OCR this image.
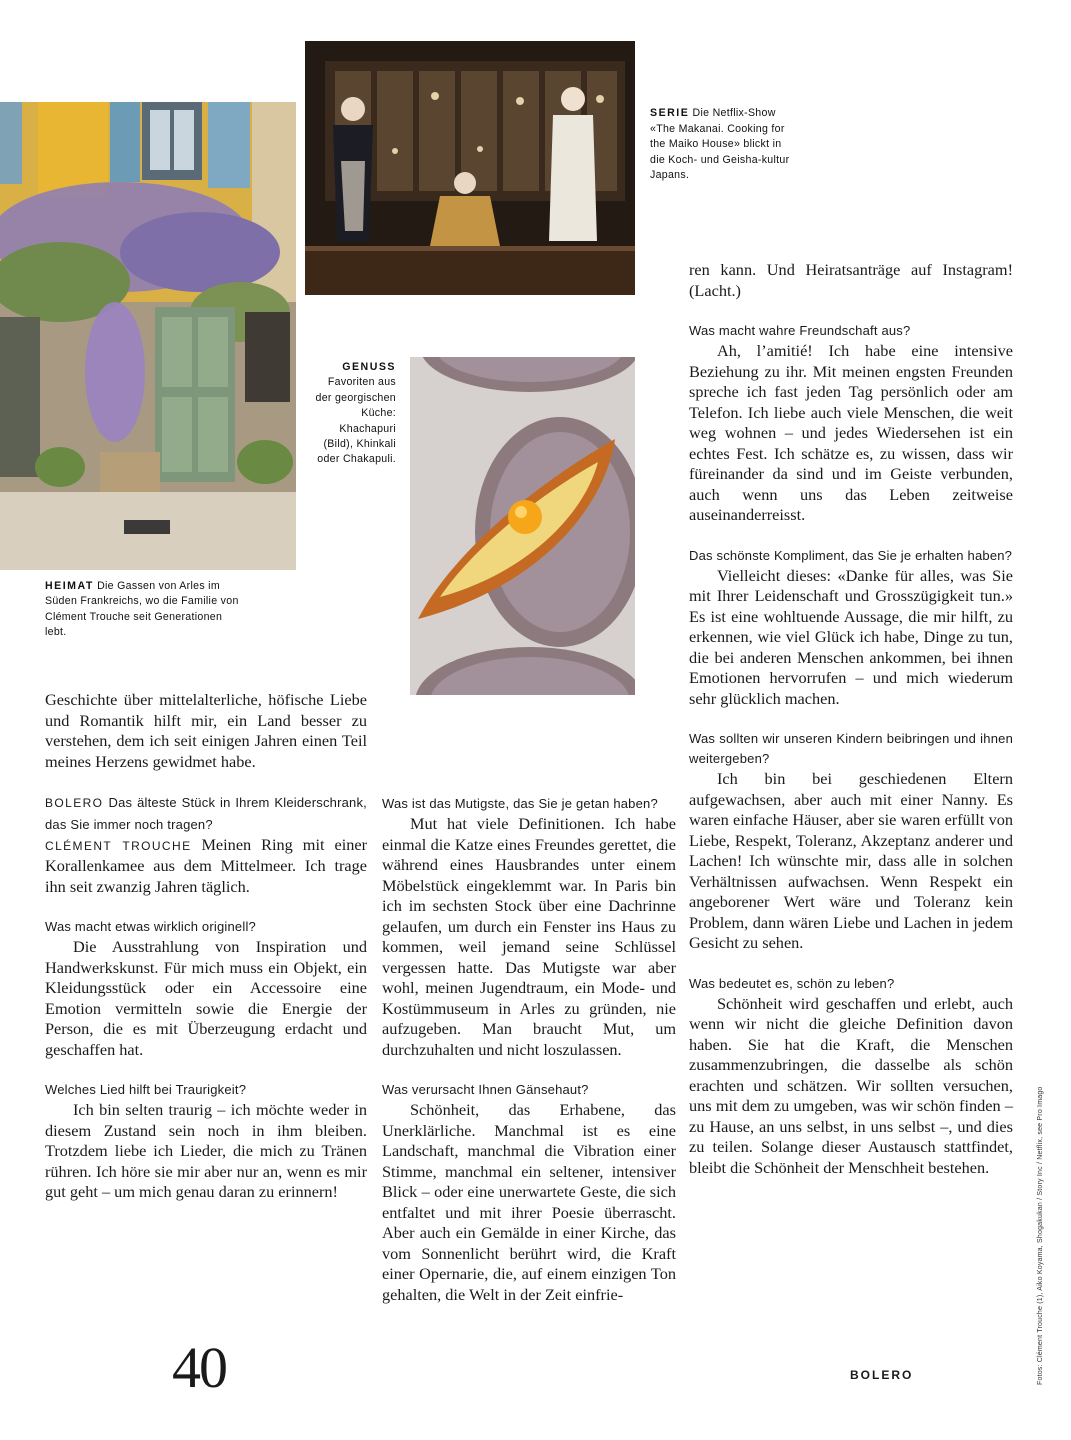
SERIE Die Netflix-Show «The Makanai. Cooking for the Maiko House» blickt in die Koch- und Geisha-kultur Japans.
GENUSS
Favoriten aus der georgischen Küche: Khachapuri (Bild), Khinkali oder Chakapuli.
HEIMAT Die Gassen von Arles im Süden Frankreichs, wo die Familie von Clément Trouche seit Generationen lebt.

Geschichte über mittelalterliche, höfische Liebe und Romantik hilft mir, ein Land besser zu verstehen, dem ich seit einigen Jahren einen Teil meines Herzens gewidmet habe.

BOLERO Das älteste Stück in Ihrem Kleiderschrank, das Sie immer noch tragen?

CLÉMENT TROUCHE Meinen Ring mit einer Korallenkamee aus dem Mittelmeer. Ich trage ihn seit zwanzig Jahren täglich.

Was macht etwas wirklich originell?

Die Ausstrahlung von Inspiration und Handwerkskunst. Für mich muss ein Objekt, ein Kleidungsstück oder ein Accessoire eine Emotion vermitteln sowie die Energie der Person, die es mit Überzeugung erdacht und geschaffen hat.

Welches Lied hilft bei Traurigkeit?

Ich bin selten traurig – ich möchte weder in diesem Zustand sein noch in ihm bleiben. Trotzdem liebe ich Lieder, die mich zu Tränen rühren. Ich höre sie mir aber nur an, wenn es mir gut geht – um mich genau daran zu erinnern!

Was ist das Mutigste, das Sie je getan haben?

Mut hat viele Definitionen. Ich habe einmal die Katze eines Freundes gerettet, die während eines Hausbrandes unter einem Möbelstück eingeklemmt war. In Paris bin ich im sechsten Stock über eine Dachrinne gelaufen, um durch ein Fenster ins Haus zu kommen, weil jemand seine Schlüssel vergessen hatte. Das Mutigste war aber wohl, meinen Jugendtraum, ein Mode- und Kostümmuseum in Arles zu gründen, nie aufzugeben. Man braucht Mut, um durchzuhalten und nicht loszulassen.

Was verursacht Ihnen Gänsehaut?

Schönheit, das Erhabene, das Unerklärliche. Manchmal ist es eine Landschaft, manchmal die Vibration einer Stimme, manchmal ein seltener, intensiver Blick – oder eine unerwartete Geste, die sich entfaltet und mit ihrer Poesie überrascht. Aber auch ein Gemälde in einer Kirche, das vom Sonnenlicht berührt wird, die Kraft einer Opernarie, die, auf einem einzigen Ton gehalten, die Welt in der Zeit einfrie-

ren kann. Und Heiratsanträge auf Instagram! (Lacht.)

Was macht wahre Freundschaft aus?

Ah, l’amitié! Ich habe eine intensive Beziehung zu ihr. Mit meinen engsten Freunden spreche ich fast jeden Tag persönlich oder am Telefon. Ich liebe auch viele Menschen, die weit weg wohnen – und jedes Wiedersehen ist ein echtes Fest. Ich schätze es, zu wissen, dass wir füreinander da sind und im Geiste verbunden, auch wenn uns das Leben zeitweise auseinanderreisst.

Das schönste Kompliment, das Sie je erhalten haben?

Vielleicht dieses: «Danke für alles, was Sie mit Ihrer Leidenschaft und Grosszügigkeit tun.» Es ist eine wohltuende Aussage, die mir hilft, zu erkennen, wie viel Glück ich habe, Dinge zu tun, die bei anderen Menschen ankommen, bei ihnen Emotionen hervorrufen – und mich wiederum sehr glücklich machen.

Was sollten wir unseren Kindern beibringen und ihnen weitergeben?

Ich bin bei geschiedenen Eltern aufgewachsen, aber auch mit einer Nanny. Es waren einfache Häuser, aber sie waren erfüllt von Liebe, Respekt, Toleranz, Akzeptanz anderer und Lachen! Ich wünschte mir, dass alle in solchen Verhältnissen aufwachsen. Wenn Respekt ein angeborener Wert wäre und Toleranz kein Problem, dann wären Liebe und Lachen in jedem Gesicht zu sehen.

Was bedeutet es, schön zu leben?

Schönheit wird geschaffen und erlebt, auch wenn wir nicht die gleiche Definition davon haben. Sie hat die Kraft, die Menschen zusammenzubringen, die dasselbe als schön erachten und schätzen. Wir sollten versuchen, uns mit dem zu umgeben, was wir schön finden – zu Hause, an uns selbst, in uns selbst –, und dies zu teilen. Solange dieser Austausch stattfindet, bleibt die Schönheit der Menschheit bestehen.

40	BOLERO	Fotos: Clément Trouche (1), Aiko Koyama, Shogakukan / Story Inc / Netflix, see Pro Imago
